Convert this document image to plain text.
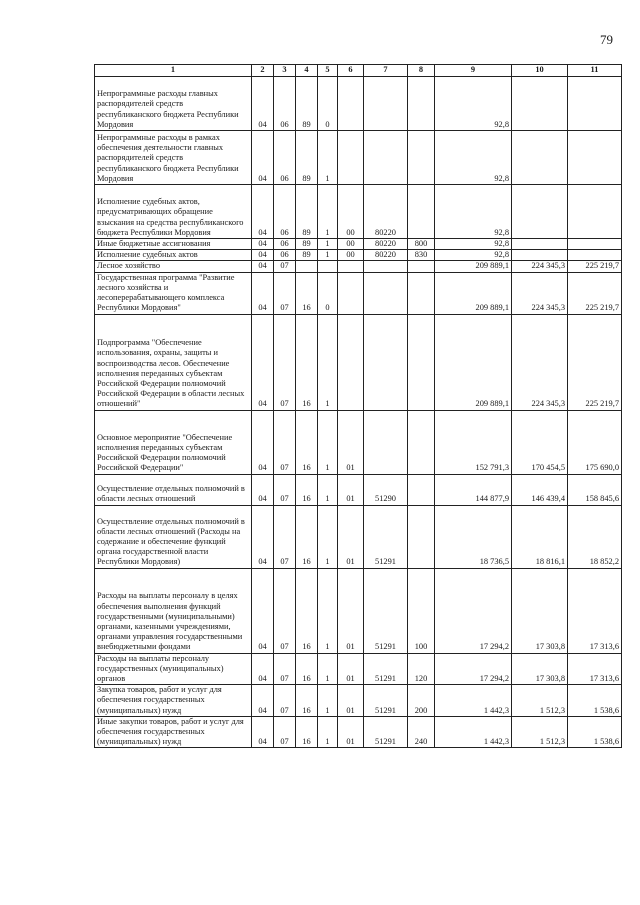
79
1	2	3	4	5	6	7	8	9	10	11
Непрограммные расходы главных распорядителей средств республиканского бюджета Республики Мордовия	04	06	89	0				92,8		
Непрограммные расходы в рамках обеспечения деятельности главных распорядителей средств республиканского бюджета Республики Мордовия	04	06	89	1				92,8		
Исполнение судебных актов, предусматривающих обращение взыскания на средства республиканского бюджета Республики Мордовия	04	06	89	1	00	80220		92,8		
Иные бюджетные ассигнования	04	06	89	1	00	80220	800	92,8		
Исполнение судебных актов	04	06	89	1	00	80220	830	92,8		
Лесное хозяйство	04	07						209 889,1	224 345,3	225 219,7
Государственная программа "Развитие лесного хозяйства и лесоперерабатывающего комплекса Республики Мордовия"	04	07	16	0				209 889,1	224 345,3	225 219,7
Подпрограмма "Обеспечение использования, охраны, защиты и воспроизводства лесов. Обеспечение исполнения переданных субъектам Российской Федерации полномочий Российской Федерации в области лесных отношений"	04	07	16	1				209 889,1	224 345,3	225 219,7
Основное мероприятие "Обеспечение исполнения переданных субъектам Российской Федерации полномочий Российской Федерации"	04	07	16	1	01			152 791,3	170 454,5	175 690,0
Осуществление отдельных полномочий в области лесных отношений	04	07	16	1	01	51290		144 877,9	146 439,4	158 845,6
Осуществление отдельных полномочий в области лесных отношений (Расходы на содержание и обеспечение функций органа государственной власти Республики Мордовия)	04	07	16	1	01	51291		18 736,5	18 816,1	18 852,2
Расходы на выплаты персоналу в целях обеспечения выполнения функций государственными (муниципальными) органами, казенными учреждениями, органами управления государственными внебюджетными фондами	04	07	16	1	01	51291	100	17 294,2	17 303,8	17 313,6
Расходы на выплаты персоналу государственных (муниципальных) органов	04	07	16	1	01	51291	120	17 294,2	17 303,8	17 313,6
Закупка товаров, работ и услуг для обеспечения государственных (муниципальных) нужд	04	07	16	1	01	51291	200	1 442,3	1 512,3	1 538,6
Иные закупки товаров, работ и услуг для обеспечения государственных (муниципальных) нужд	04	07	16	1	01	51291	240	1 442,3	1 512,3	1 538,6
